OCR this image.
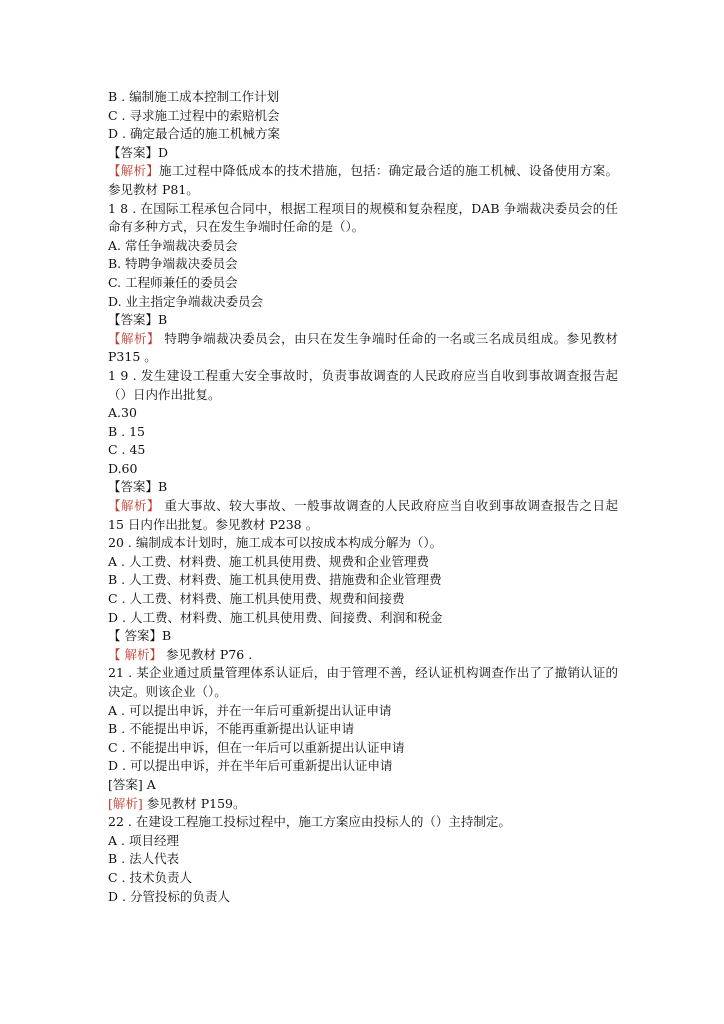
B . 编制施工成本控制工作计划
C . 寻求施工过程中的索赔机会
D . 确定最合适的施工机械方案
【答案】D
【解析】施工过程中降低成本的技术措施，包括：确定最合适的施工机械、设备使用方案。参见教材 P81。
1 8 . 在国际工程承包合同中，根据工程项目的规模和复杂程度，DAB 争端裁决委员会的任命有多种方式，只在发生争端时任命的是（）。
A. 常任争端裁决委员会
B. 特聘争端裁决委员会
C. 工程师兼任的委员会
D. 业主指定争端裁决委员会
【答案】B
【解析】 特聘争端裁决委员会，由只在发生争端时任命的一名或三名成员组成。参见教材 P315 。
1 9 . 发生建设工程重大安全事故时，负责事故调查的人民政府应当自收到事故调查报告起（）日内作出批复。
A.30
B . 15
C . 45
D.60
【答案】B
【解析】 重大事故、较大事故、一般事故调查的人民政府应当自收到事故调查报告之日起 15 日内作出批复。参见教材 P238 。
20 . 编制成本计划时，施工成本可以按成本构成分解为（）。
A . 人工费、材料费、施工机具使用费、规费和企业管理费
B . 人工费、材料费、施工机具使用费、措施费和企业管理费
C . 人工费、材料费、施工机具使用费、规费和间接费
D . 人工费、材料费、施工机具使用费、间接费、利润和税金
【 答案】B
【 解析】 参见教材 P76 .
21 . 某企业通过质量管理体系认证后，由于管理不善，经认证机构调查作出了了撤销认证的决定。则该企业（）。
A . 可以提出申诉，并在一年后可重新提出认证申请
B . 不能提出申诉，不能再重新提出认证申请
C . 不能提出申诉，但在一年后可以重新提出认证申请
D . 可以提出申诉，并在半年后可重新提出认证申请
[答案] A
[解析] 参见教材 P159。
22 . 在建设工程施工投标过程中，施工方案应由投标人的（）主持制定。
A . 项目经理
B . 法人代表
C . 技术负责人
D . 分管投标的负责人
